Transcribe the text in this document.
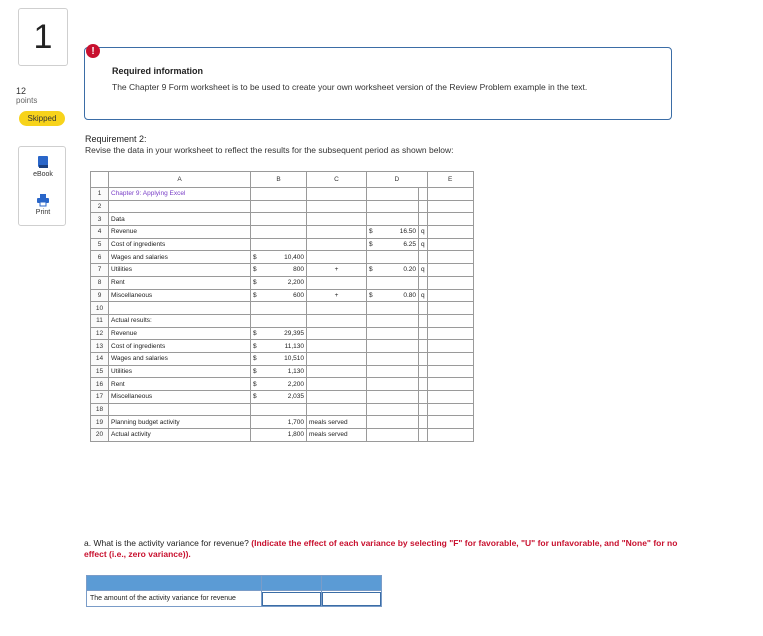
1
12
points
Skipped
eBook
Print
!
Required information
The Chapter 9 Form worksheet is to be used to create your own worksheet version of the Review Problem example in the text.
Requirement 2:
Revise the data in your worksheet to reflect the results for the subsequent period as shown below:
	A	B		C	D			E
1	Chapter 9: Applying Excel							
2								
3	Data							
4	Revenue				$	16.50	q	
5	Cost of ingredients				$	6.25	q	
6	Wages and salaries	$	10,400					
7	Utilities	$	800	+	$	0.20	q	
8	Rent	$	2,200					
9	Miscellaneous	$	600	+	$	0.80	q	
10								
11	Actual results:							
12	Revenue	$	29,395					
13	Cost of ingredients	$	11,130					
14	Wages and salaries	$	10,510					
15	Utilities	$	1,130					
16	Rent	$	2,200					
17	Miscellaneous	$	2,035					
18								
19	Planning budget activity		1,700	meals served				
20	Actual activity		1,800	meals served				
a. What is the activity variance for revenue? (Indicate the effect of each variance by selecting "F" for favorable, "U" for unfavorable, and "None" for no effect (i.e., zero variance)).

The amount of the activity variance for revenue		
